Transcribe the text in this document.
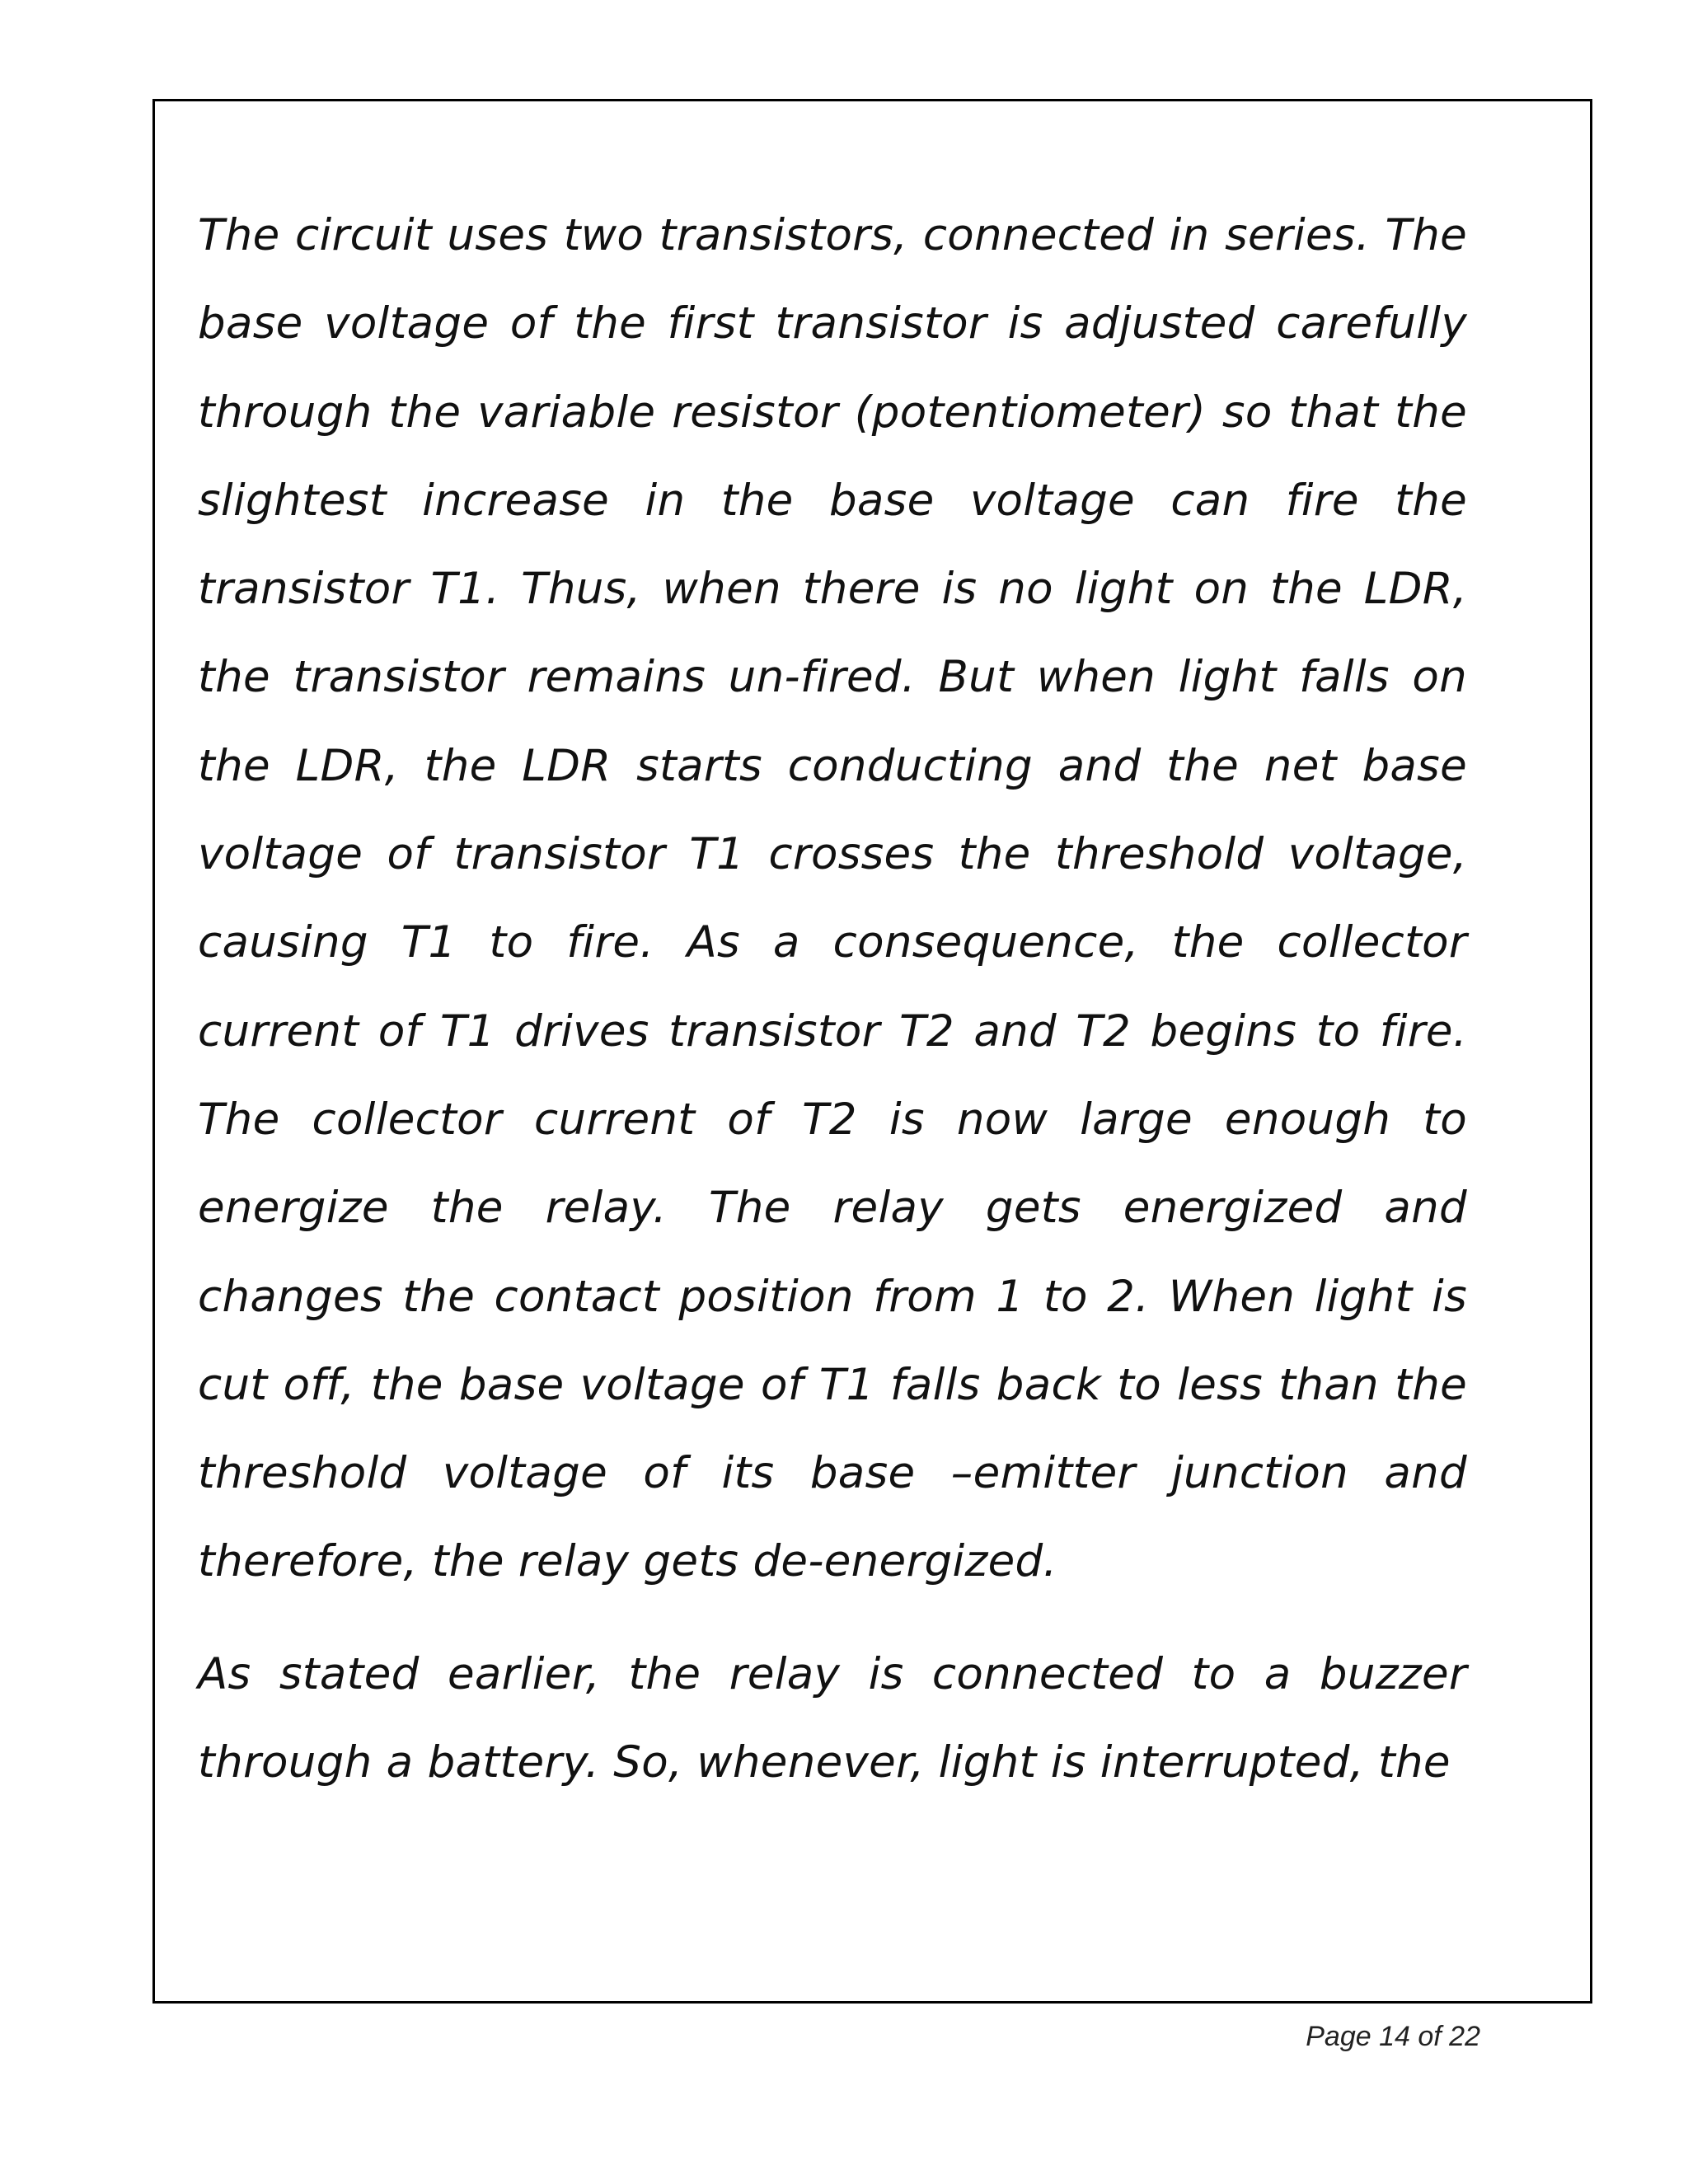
The circuit uses two transistors, connected in series. The base voltage of the first transistor is adjusted carefully through the variable resistor (potentiometer) so that the slightest increase in the base voltage can fire the transistor T1. Thus, when there is no light on the LDR, the transistor remains un-fired. But when light falls on the LDR, the LDR starts conducting and the net base voltage of transistor T1 crosses the threshold voltage, causing T1 to fire. As a consequence, the collector current of T1 drives transistor T2 and T2 begins to fire. The collector current of T2 is now large enough to energize the relay. The relay gets energized and changes the contact position from 1 to 2. When light is cut off, the base voltage of T1 falls back to less than the threshold voltage of its base –emitter junction and therefore, the relay gets de-energized.

As stated earlier, the relay is connected to a buzzer through a battery. So, whenever, light is interrupted, the

Page 14 of 22
